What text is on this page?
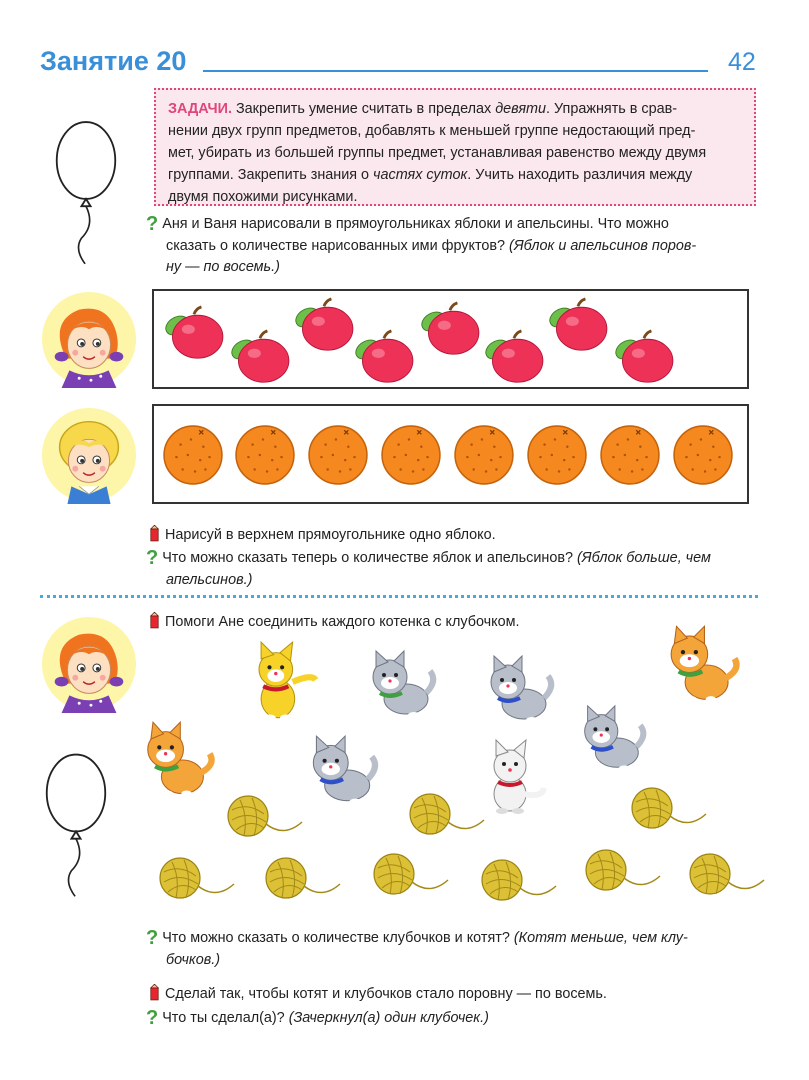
Занятие 20	42
ЗАДАЧИ. Закрепить умение считать в пределах девяти. Упражнять в срав-
нении двух групп предметов, добавлять к меньшей группе недостающий пред-
мет, убирать из большей группы предмет, устанавливая равенство между двумя
группами. Закрепить знания о частях суток. Учить находить различия между
двумя похожими рисунками.
? Аня и Ваня нарисовали в прямоугольниках яблоки и апельсины. Что можно
сказать о количестве нарисованных ими фруктов? (Яблок и апельсинов поров-
ну — по восемь.)
Нарисуй в верхнем прямоугольнике одно яблоко.
? Что можно сказать теперь о количестве яблок и апельсинов? (Яблок больше, чем
апельсинов.)
Помоги Ане соединить каждого котенка с клубочком.
? Что можно сказать о количестве клубочков и котят? (Котят меньше, чем клу-
бочков.)
Сделай так, чтобы котят и клубочков стало поровну — по восемь.
? Что ты сделал(а)? (Зачеркнул(а) один клубочек.)
